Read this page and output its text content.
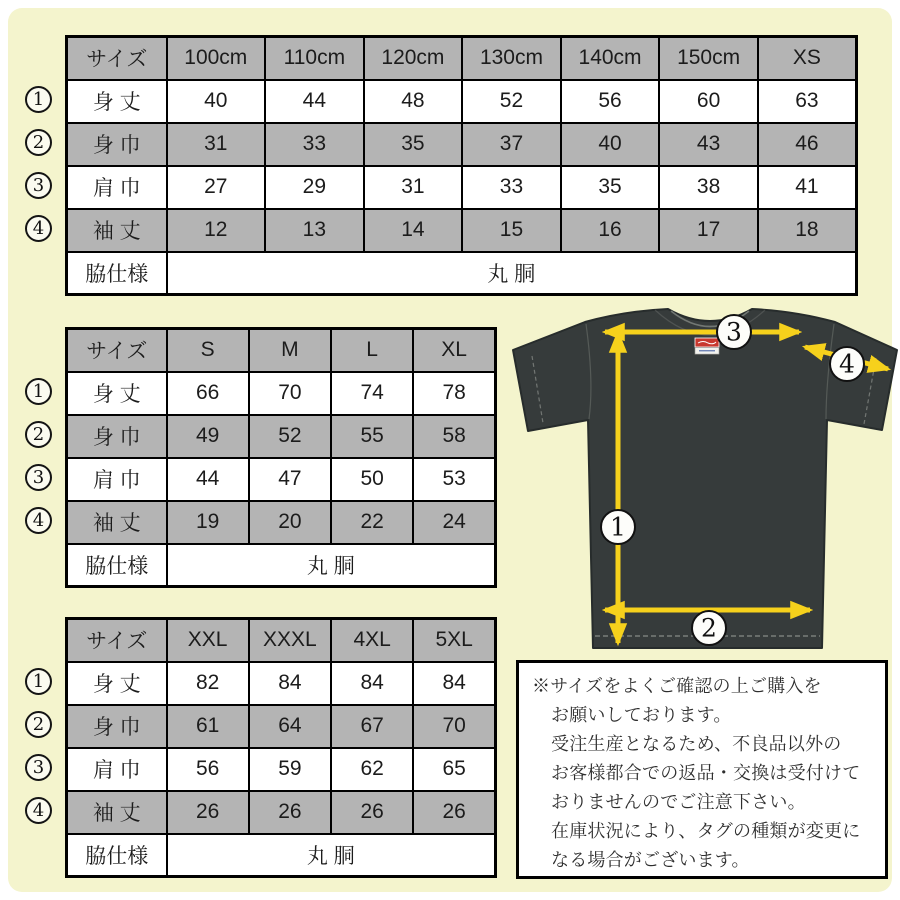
サイズ	100cm	110cm	120cm	130cm	140cm	150cm	XS
身 丈	40	44	48	52	56	60	63
身 巾	31	33	35	37	40	43	46
肩 巾	27	29	31	33	35	38	41
袖 丈	12	13	14	15	16	17	18
脇仕様	丸 胴						
サイズ	S	M	L	XL
身 丈	66	70	74	78
身 巾	49	52	55	58
肩 巾	44	47	50	53
袖 丈	19	20	22	24
脇仕様	丸 胴			
サイズ	XXL	XXXL	4XL	5XL
身 丈	82	84	84	84
身 巾	61	64	67	70
肩 巾	56	59	62	65
袖 丈	26	26	26	26
脇仕様	丸 胴			
1
2
3
4
1
2
3
4
1
2
3
4
3
4
1
2
※サイズをよくご確認の上ご購入を
お願いしております。
受注生産となるため、不良品以外の
お客様都合での返品・交換は受付けて
おりませんのでご注意下さい。
在庫状況により、タグの種類が変更に
なる場合がございます。
